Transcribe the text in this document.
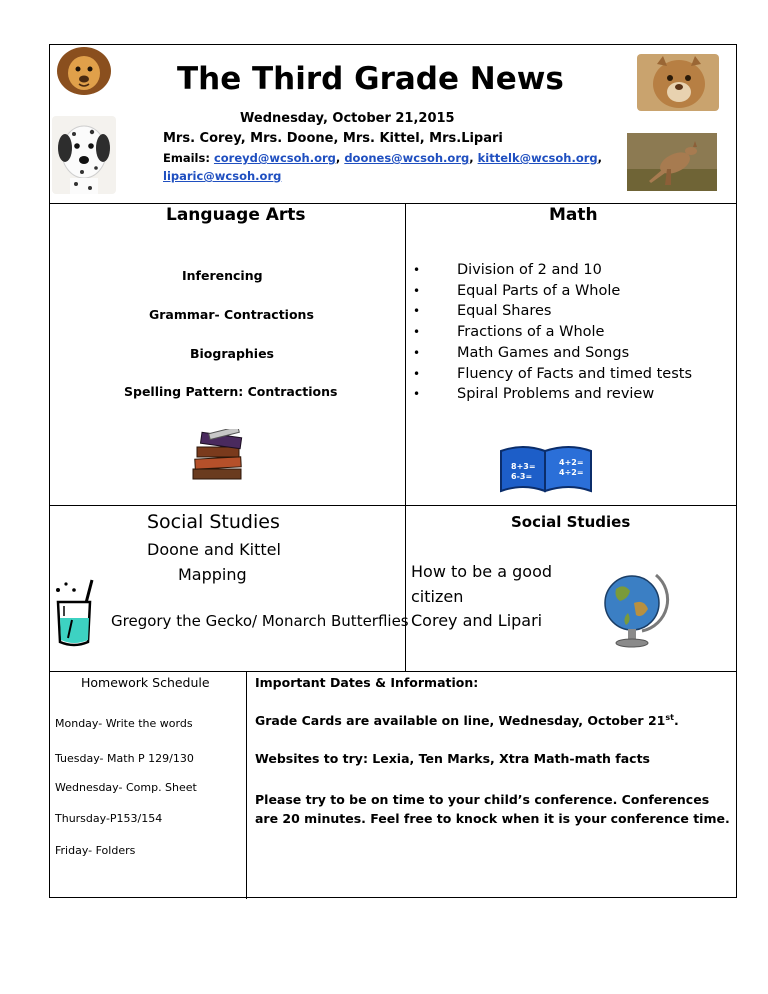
8+3=
6-3=
4+2=
4÷2=
The Third Grade News
Wednesday, October 21,2015
Mrs. Corey, Mrs. Doone, Mrs. Kittel, Mrs.Lipari
Emails: coreyd@wcsoh.org, doones@wcsoh.org, kittelk@wcsoh.org,
liparic@wcsoh.org
Language Arts
Inferencing
Grammar- Contractions
Biographies
Spelling Pattern: Contractions
Math
• Division of 2 and 10
• Equal Parts of a Whole
• Equal Shares
• Fractions of a Whole
• Math Games and Songs
• Fluency of Facts and timed tests
• Spiral Problems and review
Social Studies
Doone and Kittel
Mapping
Gregory the Gecko/ Monarch Butterflies
Social Studies
How to be a good
citizen
Corey and Lipari
Homework Schedule
Monday- Write the words
Tuesday- Math P 129/130
Wednesday- Comp. Sheet
Thursday-P153/154
Friday- Folders
Important Dates & Information:
Grade Cards are available on line, Wednesday, October 21st.
Websites to try: Lexia, Ten Marks, Xtra Math-math facts
Please try to be on time to your child’s conference. Conferences are 20 minutes. Feel free to knock when it is your conference time.
